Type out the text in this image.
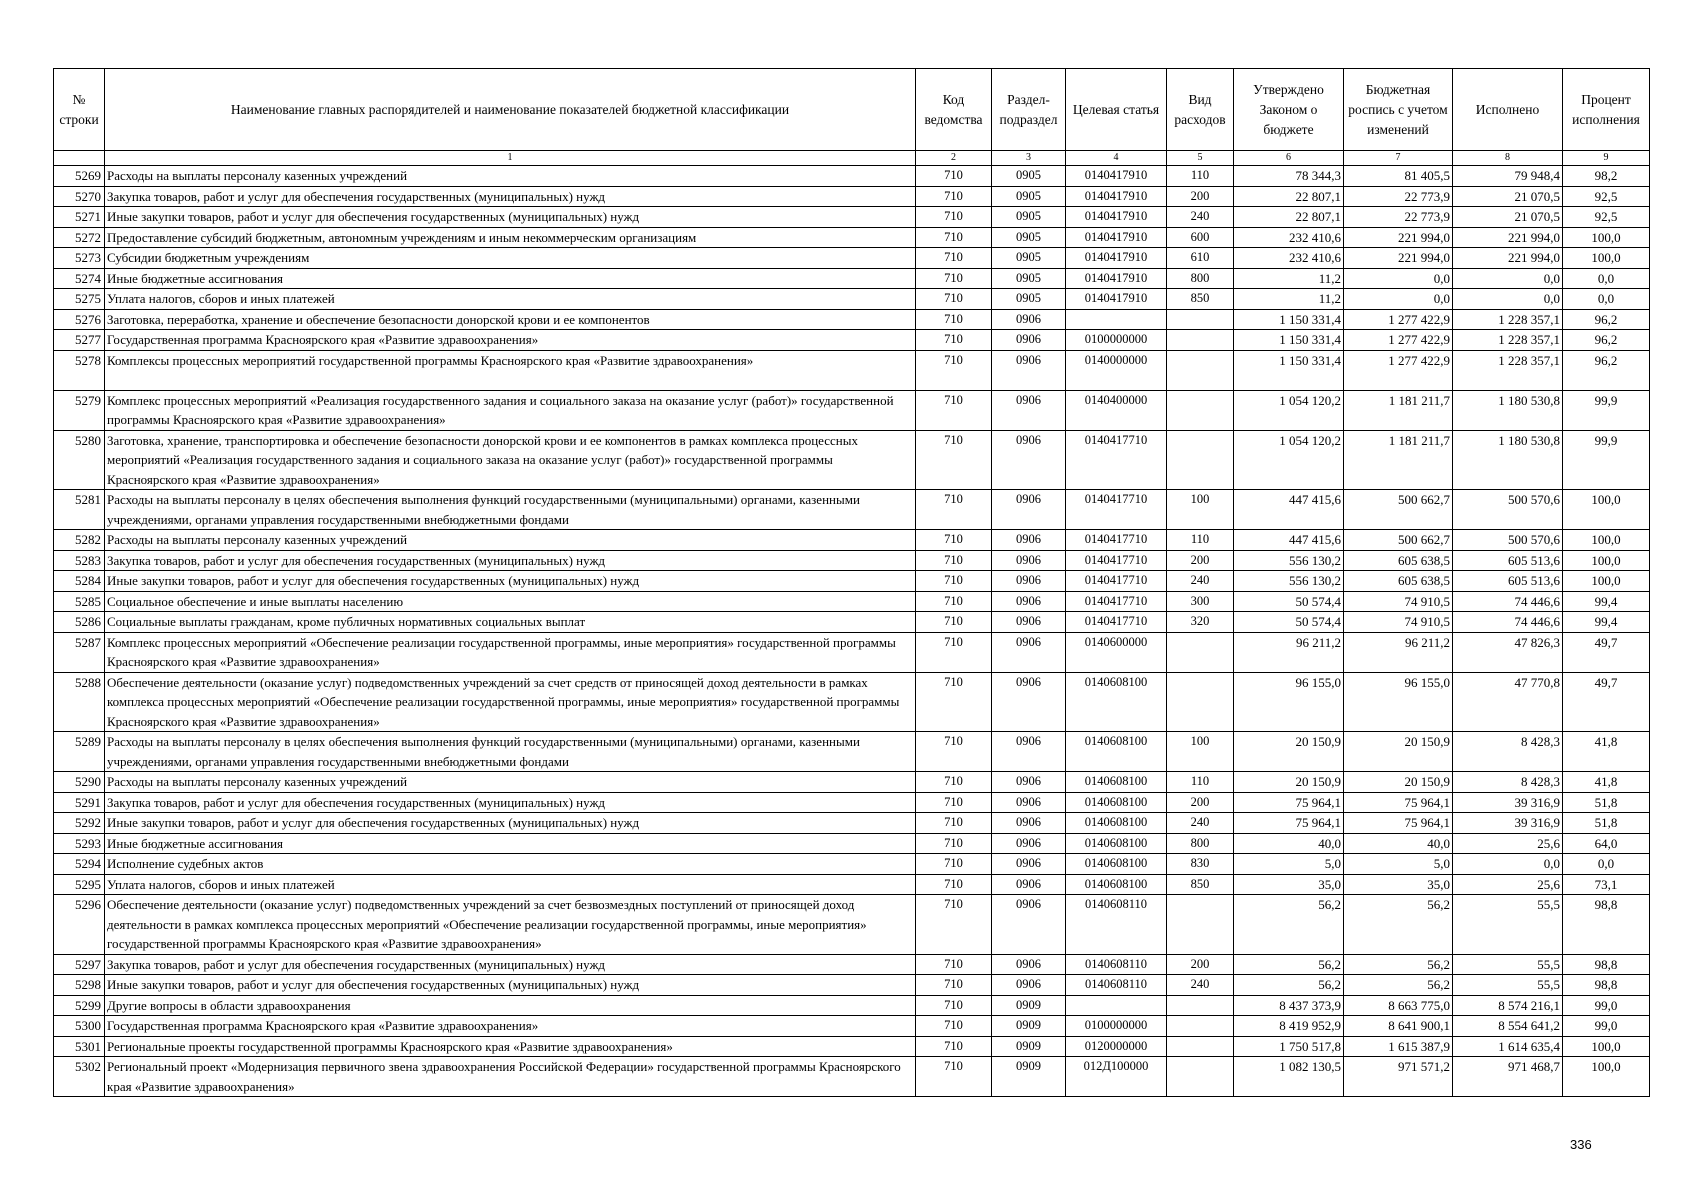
№ строки	Наименование главных распорядителей и наименование показателей бюджетной классификации	Код ведомства	Раздел-подраздел	Целевая статья	Вид расходов	Утверждено Законом о бюджете	Бюджетная роспись с учетом изменений	Исполнено	Процент исполнения
	1	2	3	4	5	6	7	8	9
5269	Расходы на выплаты персоналу казенных учреждений	710	0905	0140417910	110	78 344,3	81 405,5	79 948,4	98,2
5270	Закупка товаров, работ и услуг для обеспечения государственных (муниципальных) нужд	710	0905	0140417910	200	22 807,1	22 773,9	21 070,5	92,5
5271	Иные закупки товаров, работ и услуг для обеспечения государственных (муниципальных) нужд	710	0905	0140417910	240	22 807,1	22 773,9	21 070,5	92,5
5272	Предоставление субсидий бюджетным, автономным учреждениям и иным некоммерческим организациям	710	0905	0140417910	600	232 410,6	221 994,0	221 994,0	100,0
5273	Субсидии бюджетным учреждениям	710	0905	0140417910	610	232 410,6	221 994,0	221 994,0	100,0
5274	Иные бюджетные ассигнования	710	0905	0140417910	800	11,2	0,0	0,0	0,0
5275	Уплата налогов, сборов и иных платежей	710	0905	0140417910	850	11,2	0,0	0,0	0,0
5276	Заготовка, переработка, хранение и обеспечение безопасности донорской крови и ее компонентов	710	0906			1 150 331,4	1 277 422,9	1 228 357,1	96,2
5277	Государственная программа Красноярского края «Развитие здравоохранения»	710	0906	0100000000		1 150 331,4	1 277 422,9	1 228 357,1	96,2
5278	Комплексы процессных мероприятий государственной программы Красноярского края «Развитие здравоохранения»	710	0906	0140000000		1 150 331,4	1 277 422,9	1 228 357,1	96,2
5279	Комплекс процессных мероприятий «Реализация государственного задания и социального заказа на оказание услуг (работ)» государственной программы Красноярского края «Развитие здравоохранения»	710	0906	0140400000		1 054 120,2	1 181 211,7	1 180 530,8	99,9
5280	Заготовка, хранение, транспортировка и обеспечение безопасности донорской крови и ее компонентов в рамках комплекса процессных мероприятий «Реализация государственного задания и социального заказа на оказание услуг (работ)» государственной программы Красноярского края «Развитие здравоохранения»	710	0906	0140417710		1 054 120,2	1 181 211,7	1 180 530,8	99,9
5281	Расходы на выплаты персоналу в целях обеспечения выполнения функций государственными (муниципальными) органами, казенными учреждениями, органами управления государственными внебюджетными фондами	710	0906	0140417710	100	447 415,6	500 662,7	500 570,6	100,0
5282	Расходы на выплаты персоналу казенных учреждений	710	0906	0140417710	110	447 415,6	500 662,7	500 570,6	100,0
5283	Закупка товаров, работ и услуг для обеспечения государственных (муниципальных) нужд	710	0906	0140417710	200	556 130,2	605 638,5	605 513,6	100,0
5284	Иные закупки товаров, работ и услуг для обеспечения государственных (муниципальных) нужд	710	0906	0140417710	240	556 130,2	605 638,5	605 513,6	100,0
5285	Социальное обеспечение и иные выплаты населению	710	0906	0140417710	300	50 574,4	74 910,5	74 446,6	99,4
5286	Социальные выплаты гражданам, кроме публичных нормативных социальных выплат	710	0906	0140417710	320	50 574,4	74 910,5	74 446,6	99,4
5287	Комплекс процессных мероприятий «Обеспечение реализации государственной программы, иные мероприятия» государственной программы Красноярского края «Развитие здравоохранения»	710	0906	0140600000		96 211,2	96 211,2	47 826,3	49,7
5288	Обеспечение деятельности (оказание услуг) подведомственных учреждений за счет средств от приносящей доход деятельности в рамках комплекса процессных мероприятий «Обеспечение реализации государственной программы, иные мероприятия» государственной программы Красноярского края «Развитие здравоохранения»	710	0906	0140608100		96 155,0	96 155,0	47 770,8	49,7
5289	Расходы на выплаты персоналу в целях обеспечения выполнения функций государственными (муниципальными) органами, казенными учреждениями, органами управления государственными внебюджетными фондами	710	0906	0140608100	100	20 150,9	20 150,9	8 428,3	41,8
5290	Расходы на выплаты персоналу казенных учреждений	710	0906	0140608100	110	20 150,9	20 150,9	8 428,3	41,8
5291	Закупка товаров, работ и услуг для обеспечения государственных (муниципальных) нужд	710	0906	0140608100	200	75 964,1	75 964,1	39 316,9	51,8
5292	Иные закупки товаров, работ и услуг для обеспечения государственных (муниципальных) нужд	710	0906	0140608100	240	75 964,1	75 964,1	39 316,9	51,8
5293	Иные бюджетные ассигнования	710	0906	0140608100	800	40,0	40,0	25,6	64,0
5294	Исполнение судебных актов	710	0906	0140608100	830	5,0	5,0	0,0	0,0
5295	Уплата налогов, сборов и иных платежей	710	0906	0140608100	850	35,0	35,0	25,6	73,1
5296	Обеспечение деятельности (оказание услуг) подведомственных учреждений за счет безвозмездных поступлений от приносящей доход деятельности в рамках комплекса процессных мероприятий «Обеспечение реализации государственной программы, иные мероприятия» государственной программы Красноярского края «Развитие здравоохранения»	710	0906	0140608110		56,2	56,2	55,5	98,8
5297	Закупка товаров, работ и услуг для обеспечения государственных (муниципальных) нужд	710	0906	0140608110	200	56,2	56,2	55,5	98,8
5298	Иные закупки товаров, работ и услуг для обеспечения государственных (муниципальных) нужд	710	0906	0140608110	240	56,2	56,2	55,5	98,8
5299	Другие вопросы в области здравоохранения	710	0909			8 437 373,9	8 663 775,0	8 574 216,1	99,0
5300	Государственная программа Красноярского края «Развитие здравоохранения»	710	0909	0100000000		8 419 952,9	8 641 900,1	8 554 641,2	99,0
5301	Региональные проекты государственной программы Красноярского края «Развитие здравоохранения»	710	0909	0120000000		1 750 517,8	1 615 387,9	1 614 635,4	100,0
5302	Региональный проект «Модернизация первичного звена здравоохранения Российской Федерации» государственной программы Красноярского края «Развитие здравоохранения»	710	0909	012Д100000		1 082 130,5	971 571,2	971 468,7	100,0
336
